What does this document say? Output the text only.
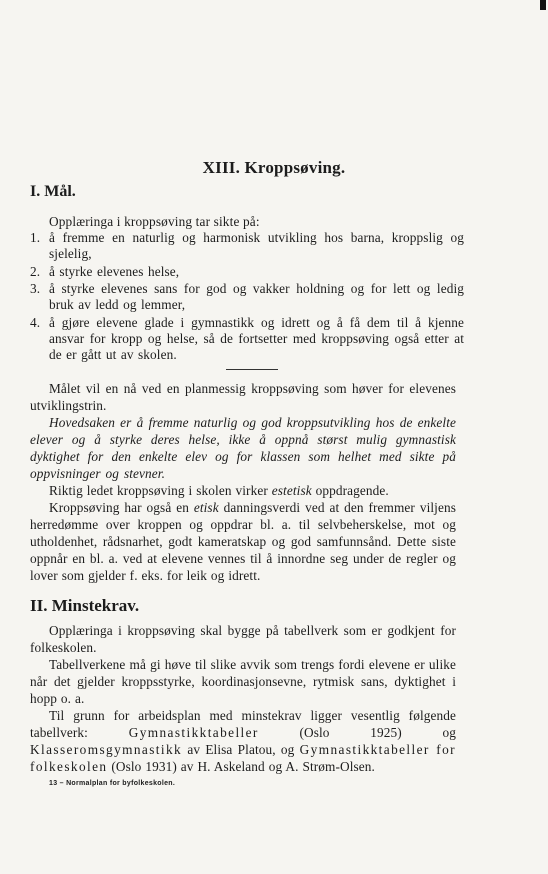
XIII. Kroppsøving.
I. Mål.

Opplæringa i kroppsøving tar sikte på:

1. å fremme en naturlig og harmonisk utvikling hos barna, kroppslig og sjelelig,
2. å styrke elevenes helse,
3. å styrke elevenes sans for god og vakker holdning og for lett og ledig bruk av ledd og lemmer,
4. å gjøre elevene glade i gymnastikk og idrett og å få dem til å kjenne ansvar for kropp og helse, så de fortsetter med kroppsøving også etter at de er gått ut av skolen.

Målet vil en nå ved en planmessig kroppsøving som høver for elevenes utviklingstrin.

Hovedsaken er å fremme naturlig og god kroppsutvikling hos de enkelte elever og å styrke deres helse, ikke å oppnå størst mulig gymnastisk dyktighet for den enkelte elev og for klassen som helhet med sikte på oppvisninger og stevner.

Riktig ledet kroppsøving i skolen virker estetisk oppdragende.

Kroppsøving har også en etisk danningsverdi ved at den fremmer viljens herredømme over kroppen og oppdrar bl. a. til selvbeherskelse, mot og utholdenhet, rådsnarhet, godt kameratskap og god samfunnsånd. Dette siste oppnår en bl. a. ved at elevene vennes til å innordne seg under de regler og lover som gjelder f. eks. for leik og idrett.

II. Minstekrav.

Opplæringa i kroppsøving skal bygge på tabellverk som er godkjent for folkeskolen.

Tabellverkene må gi høve til slike avvik som trengs fordi elevene er ulike når det gjelder kroppsstyrke, koordinasjonsevne, rytmisk sans, dyktighet i hopp o. a.

Til grunn for arbeidsplan med minstekrav ligger vesentlig følgende tabellverk: Gymnastikktabeller (Oslo 1925) og Klasseromsgymnastikk av Elisa Platou, og Gymnastikktabeller for folkeskolen (Oslo 1931) av H. Askeland og A. Strøm-Olsen.

13 – Normalplan for byfolkeskolen.
